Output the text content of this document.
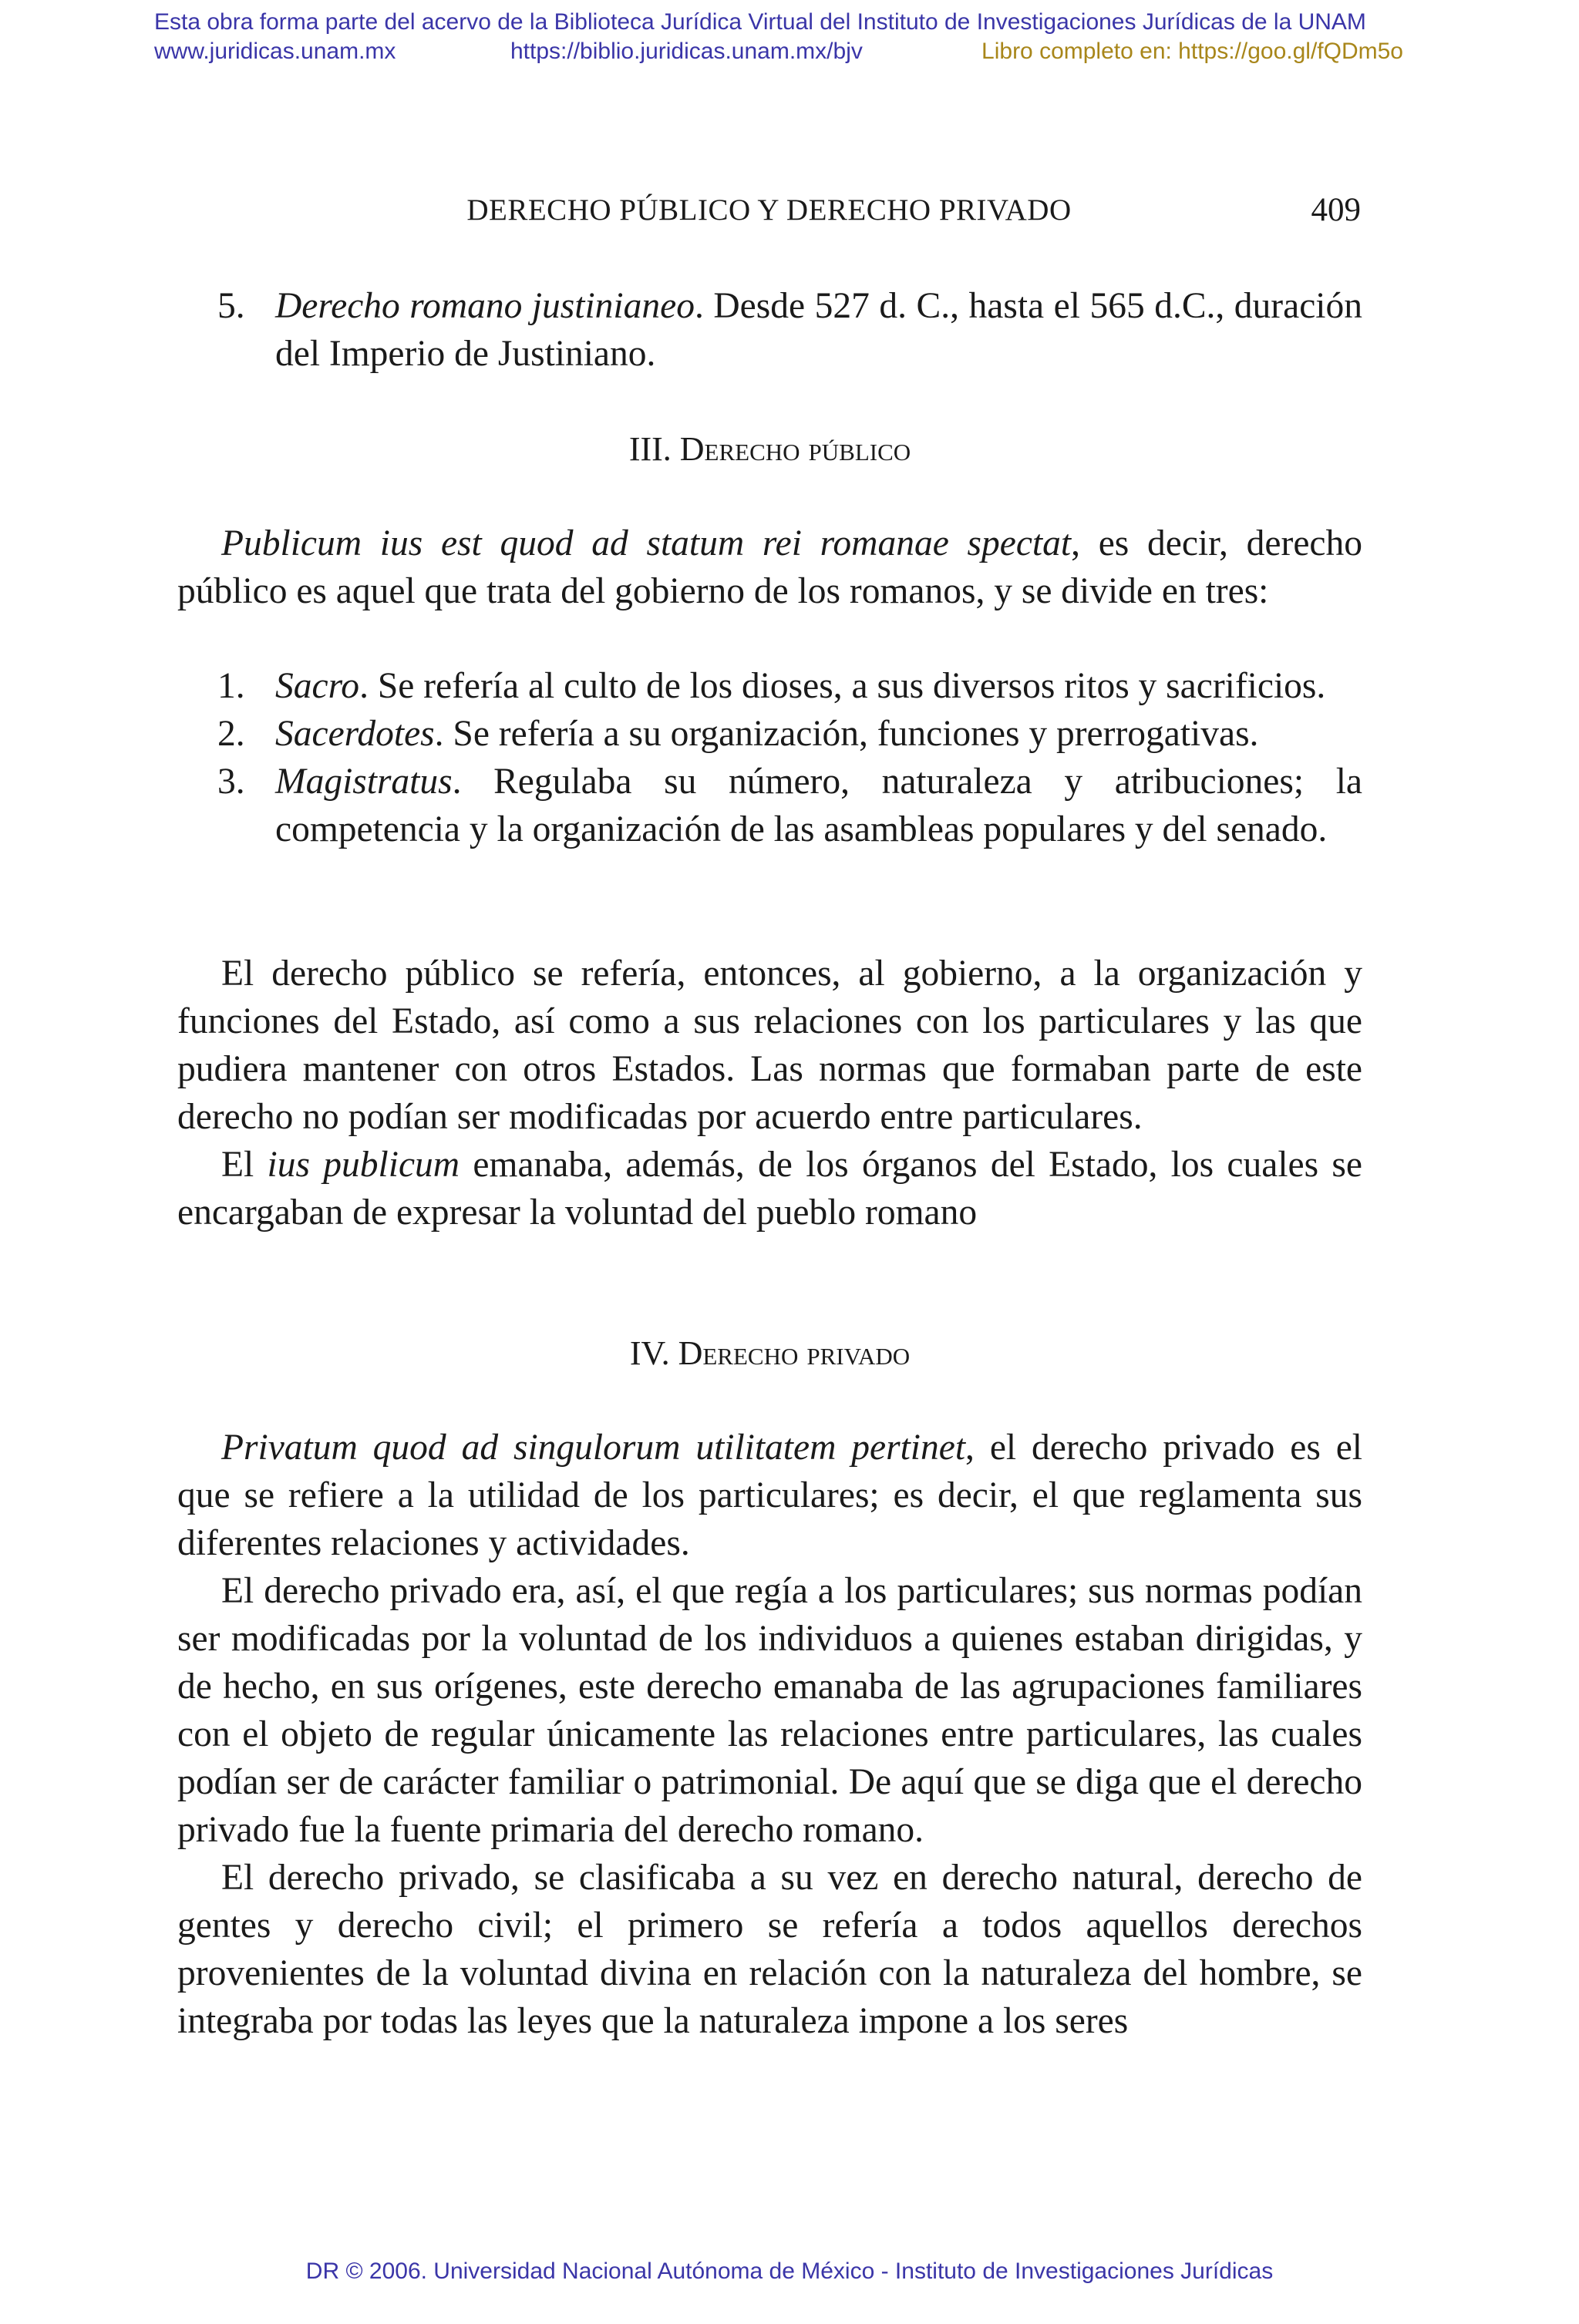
Esta obra forma parte del acervo de la Biblioteca Jurídica Virtual del Instituto de Investigaciones Jurídicas de la UNAM
www.juridicas.unam.mx	https://biblio.juridicas.unam.mx/bjv	Libro completo en: https://goo.gl/fQDm5o
DERECHO PÚBLICO Y DERECHO PRIVADO	409

5. Derecho romano justinianeo. Desde 527 d. C., hasta el 565 d.C., duración del Imperio de Justiniano.

III. Derecho público

Publicum ius est quod ad statum rei romanae spectat, es decir, derecho público es aquel que trata del gobierno de los romanos, y se divide en tres:

1. Sacro. Se refería al culto de los dioses, a sus diversos ritos y sacrificios.

2. Sacerdotes. Se refería a su organización, funciones y prerrogativas.

3. Magistratus. Regulaba su número, naturaleza y atribuciones; la competencia y la organización de las asambleas populares y del senado.

El derecho público se refería, entonces, al gobierno, a la organización y funciones del Estado, así como a sus relaciones con los particulares y las que pudiera mantener con otros Estados. Las normas que formaban parte de este derecho no podían ser modificadas por acuerdo entre particulares.

El ius publicum emanaba, además, de los órganos del Estado, los cuales se encargaban de expresar la voluntad del pueblo romano

IV. Derecho privado

Privatum quod ad singulorum utilitatem pertinet, el derecho privado es el que se refiere a la utilidad de los particulares; es decir, el que reglamenta sus diferentes relaciones y actividades.

El derecho privado era, así, el que regía a los particulares; sus normas podían ser modificadas por la voluntad de los individuos a quienes estaban dirigidas, y de hecho, en sus orígenes, este derecho emanaba de las agrupaciones familiares con el objeto de regular únicamente las relaciones entre particulares, las cuales podían ser de carácter familiar o patrimonial. De aquí que se diga que el derecho privado fue la fuente primaria del derecho romano.

El derecho privado, se clasificaba a su vez en derecho natural, derecho de gentes y derecho civil; el primero se refería a todos aquellos derechos provenientes de la voluntad divina en relación con la naturaleza del hombre, se integraba por todas las leyes que la naturaleza impone a los seres

DR © 2006. Universidad Nacional Autónoma de México - Instituto de Investigaciones Jurídicas
